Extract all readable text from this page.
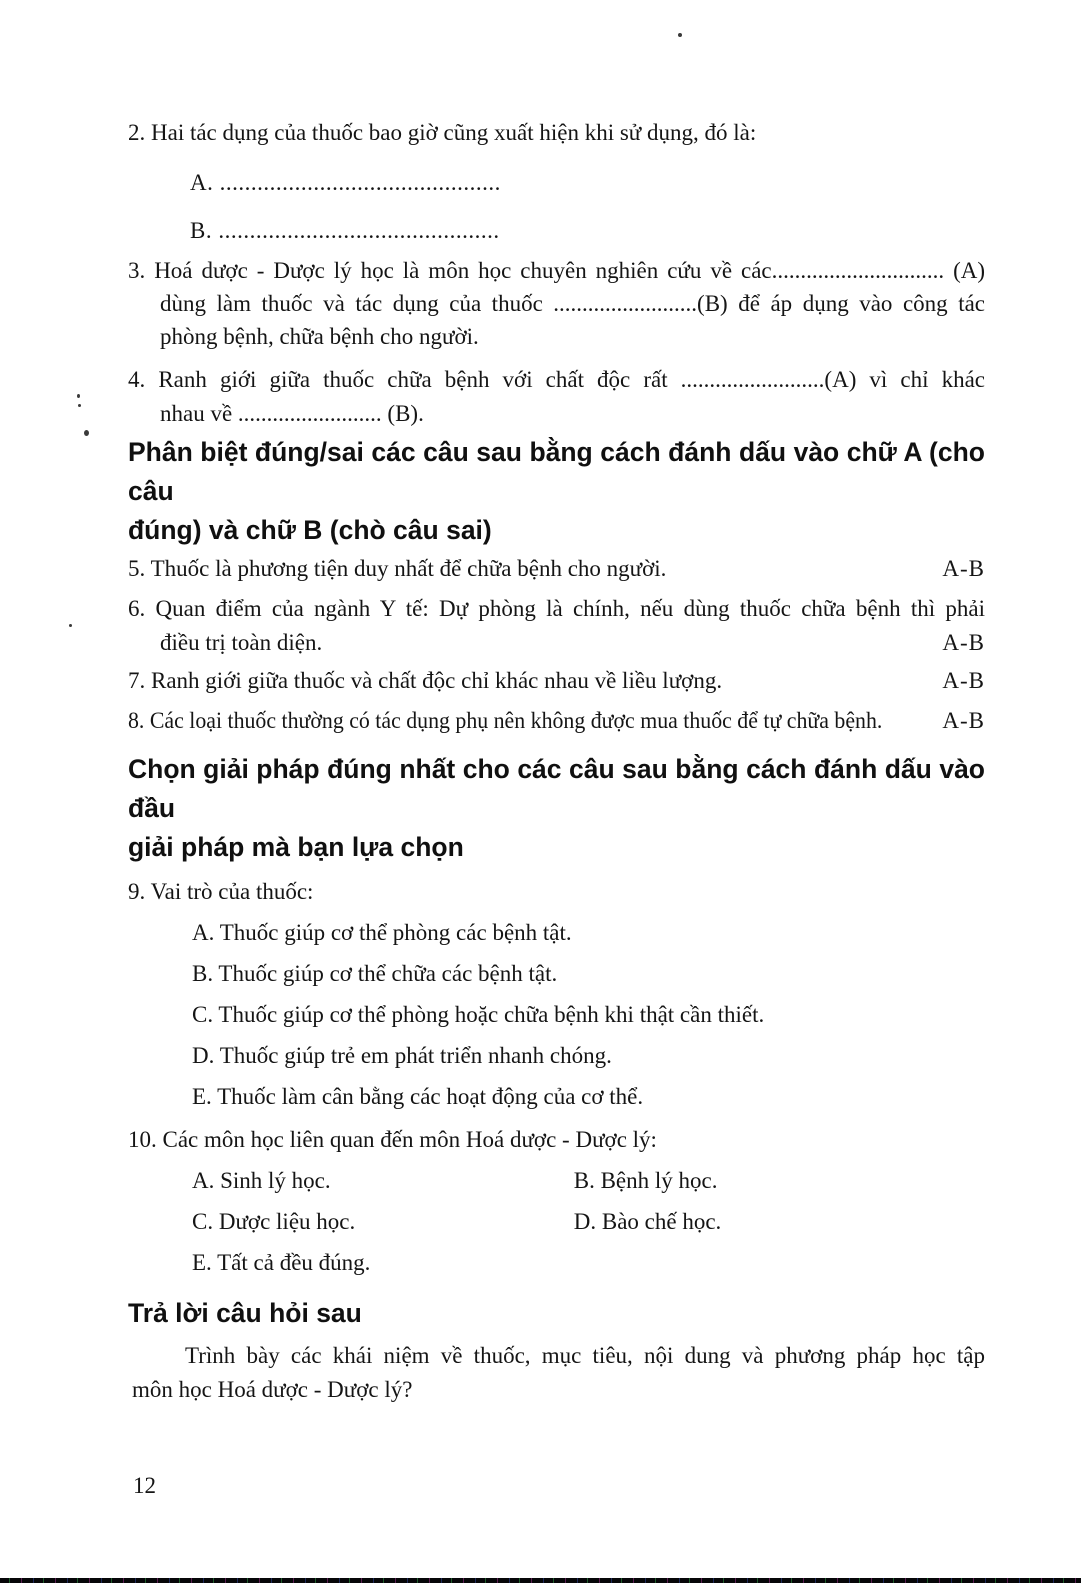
2. Hai tác dụng của thuốc bao giờ cũng xuất hiện khi sử dụng, đó là:
A. .............................................
B. .............................................
3. Hoá dược - Dược lý học là môn học chuyên nghiên cứu về các.............................. (A)
dùng làm thuốc và tác dụng của thuốc .........................(B) để áp dụng vào công tác
phòng bệnh, chữa bệnh cho người.
4. Ranh giới giữa thuốc chữa bệnh với chất độc rất .........................(A) vì chỉ khác
nhau về ......................... (B).
Phân biệt đúng/sai các câu sau bằng cách đánh dấu vào chữ A (cho câu
đúng) và chữ B (chò câu sai)
5. Thuốc là phương tiện duy nhất để chữa bệnh cho người.	A-B
6. Quan điểm của ngành Y tế: Dự phòng là chính, nếu dùng thuốc chữa bệnh thì phải
điều trị toàn diện.	A-B
7. Ranh giới giữa thuốc và chất độc chỉ khác nhau về liều lượng.	A-B
8. Các loại thuốc thường có tác dụng phụ nên không được mua thuốc để tự chữa bệnh.	A-B
Chọn giải pháp đúng nhất cho các câu sau bằng cách đánh dấu vào đầu
giải pháp mà bạn lựa chọn
9. Vai trò của thuốc:
A. Thuốc giúp cơ thể phòng các bệnh tật.
B. Thuốc giúp cơ thể chữa các bệnh tật.
C. Thuốc giúp cơ thể phòng hoặc chữa bệnh khi thật cần thiết.
D. Thuốc giúp trẻ em phát triển nhanh chóng.
E. Thuốc làm cân bằng các hoạt động của cơ thể.
10. Các môn học liên quan đến môn Hoá dược - Dược lý:
A. Sinh lý học.	B. Bệnh lý học.
C. Dược liệu học.	D. Bào chế học.
E. Tất cả đều đúng.
Trả lời câu hỏi sau
Trình bày các khái niệm về thuốc, mục tiêu, nội dung và phương pháp học tập
môn học Hoá dược - Dược lý?
12
